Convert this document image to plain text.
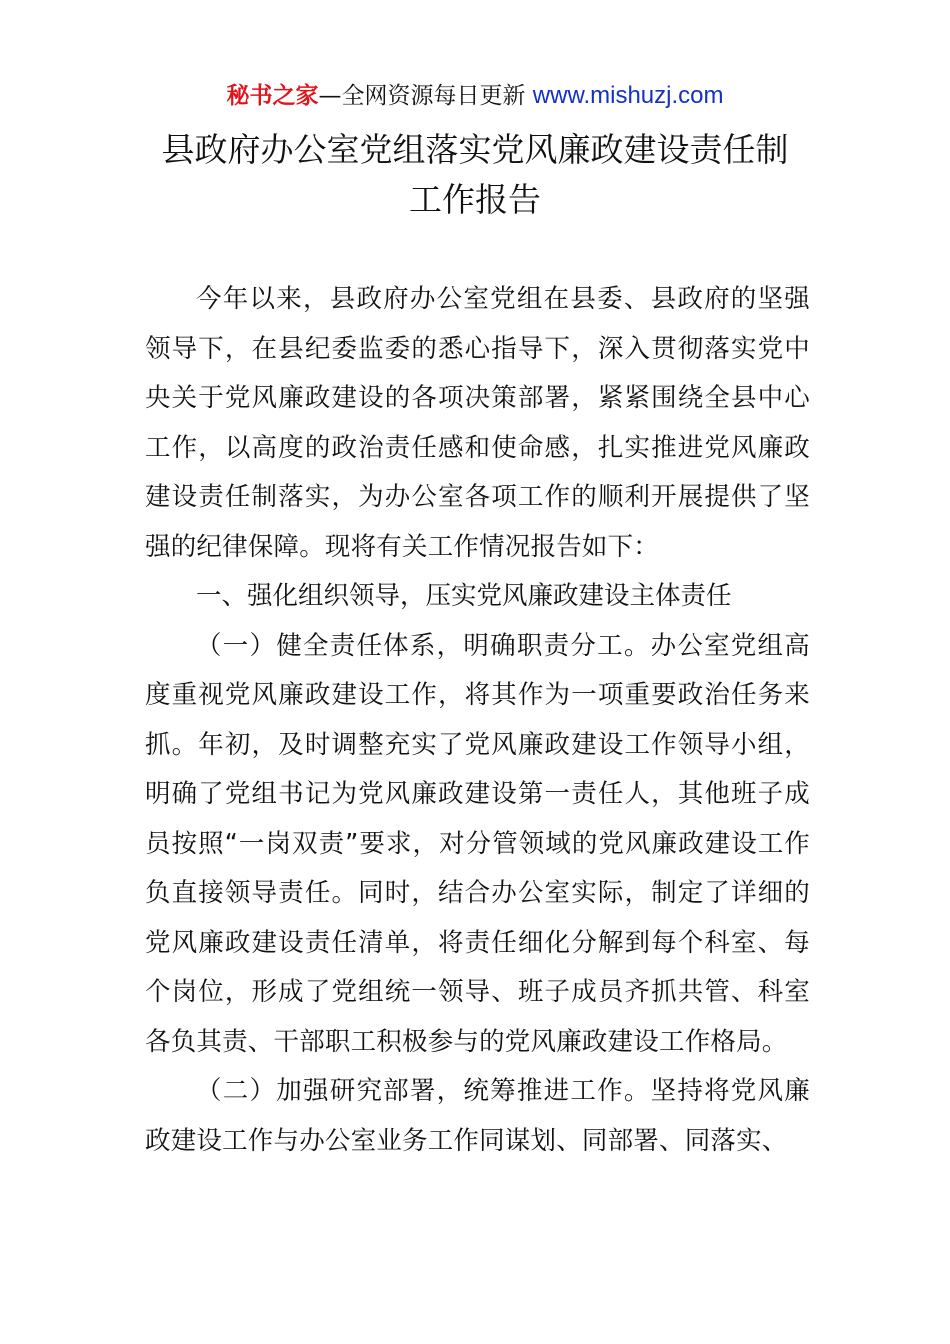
秘书之家—全网资源每日更新 www.mishuzj.com
县政府办公室党组落实党风廉政建设责任制
工作报告

今年以来，县政府办公室党组在县委、县政府的坚强领导下，在县纪委监委的悉心指导下，深入贯彻落实党中央关于党风廉政建设的各项决策部署，紧紧围绕全县中心工作，以高度的政治责任感和使命感，扎实推进党风廉政建设责任制落实，为办公室各项工作的顺利开展提供了坚强的纪律保障。现将有关工作情况报告如下：

一、强化组织领导，压实党风廉政建设主体责任

（一）健全责任体系，明确职责分工。办公室党组高度重视党风廉政建设工作，将其作为一项重要政治任务来抓。年初，及时调整充实了党风廉政建设工作领导小组，明确了党组书记为党风廉政建设第一责任人，其他班子成员按照“一岗双责”要求，对分管领域的党风廉政建设工作负直接领导责任。同时，结合办公室实际，制定了详细的党风廉政建设责任清单，将责任细化分解到每个科室、每个岗位，形成了党组统一领导、班子成员齐抓共管、科室各负其责、干部职工积极参与的党风廉政建设工作格局。

（二）加强研究部署，统筹推进工作。坚持将党风廉政建设工作与办公室业务工作同谋划、同部署、同落实、
